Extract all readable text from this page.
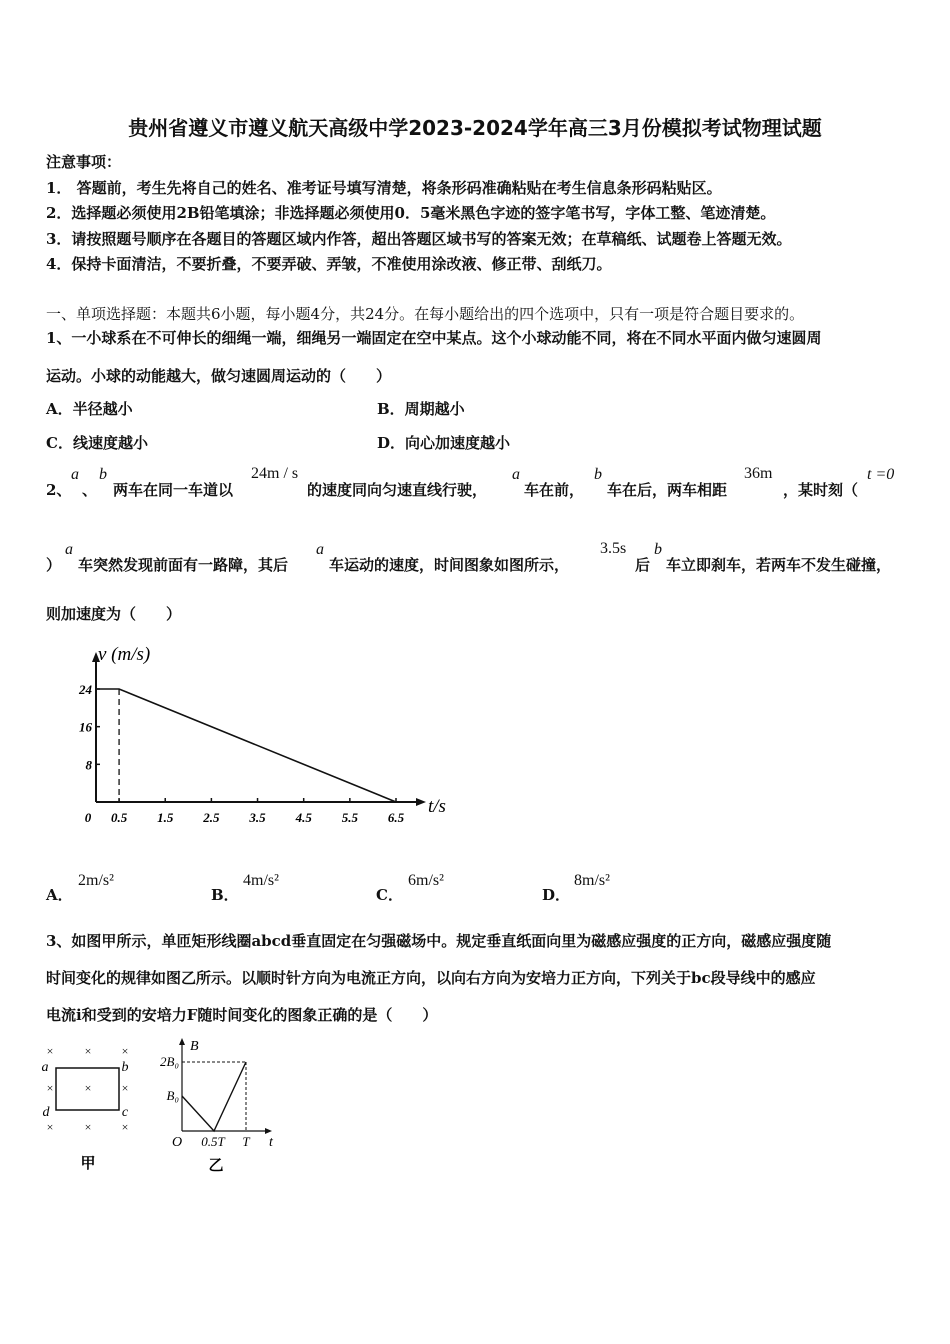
贵州省遵义市遵义航天高级中学2023-2024学年高三3月份模拟考试物理试题
注意事项：
1． 答题前，考生先将自己的姓名、准考证号填写清楚，将条形码准确粘贴在考生信息条形码粘贴区。
2．选择题必须使用2B铅笔填涂；非选择题必须使用0．5毫米黑色字迹的签字笔书写，字体工整、笔迹清楚。
3．请按照题号顺序在各题目的答题区域内作答，超出答题区域书写的答案无效；在草稿纸、试题卷上答题无效。
4．保持卡面清洁，不要折叠，不要弄破、弄皱，不准使用涂改液、修正带、刮纸刀。
一、单项选择题：本题共6小题，每小题4分，共24分。在每小题给出的四个选项中，只有一项是符合题目要求的。
1、一小球系在不可伸长的细绳一端，细绳另一端固定在空中某点。这个小球动能不同，将在不同水平面内做匀速圆周
运动。小球的动能越大，做匀速圆周运动的（　　）
A．半径越小	B．周期越小
C．线速度越小	D．向心加速度越小
2、
a
、
b
两车在同一车道以
24m / s
的速度同向匀速直线行驶，
a
车在前，
b
车在后，两车相距
36m
，某时刻（
t =0
）
a
车突然发现前面有一路障，其后
a
车运动的速度，时间图象如图所示，
3.5s
后
b
车立即刹车，若两车不发生碰撞，
则加速度为（　　）
v (m/s)
t/s
24
16
8
0 0.5 1.5 2.5 3.5 4.5 5.5 6.5
A．
2m/s²
B．
4m/s²
C．
6m/s²
D．
8m/s²
3、如图甲所示，单匝矩形线圈abcd垂直固定在匀强磁场中。规定垂直纸面向里为磁感应强度的正方向，磁感应强度随
时间变化的规律如图乙所示。以顺时针方向为电流正方向，以向右方向为安培力正方向，下列关于bc段导线中的感应
电流i和受到的安培力F随时间变化的图象正确的是（　　）
×	×	×
×	×	×
×	×	×
a	b
c
d
甲
B
2B₀
B₀
O 0.5T T t
乙
